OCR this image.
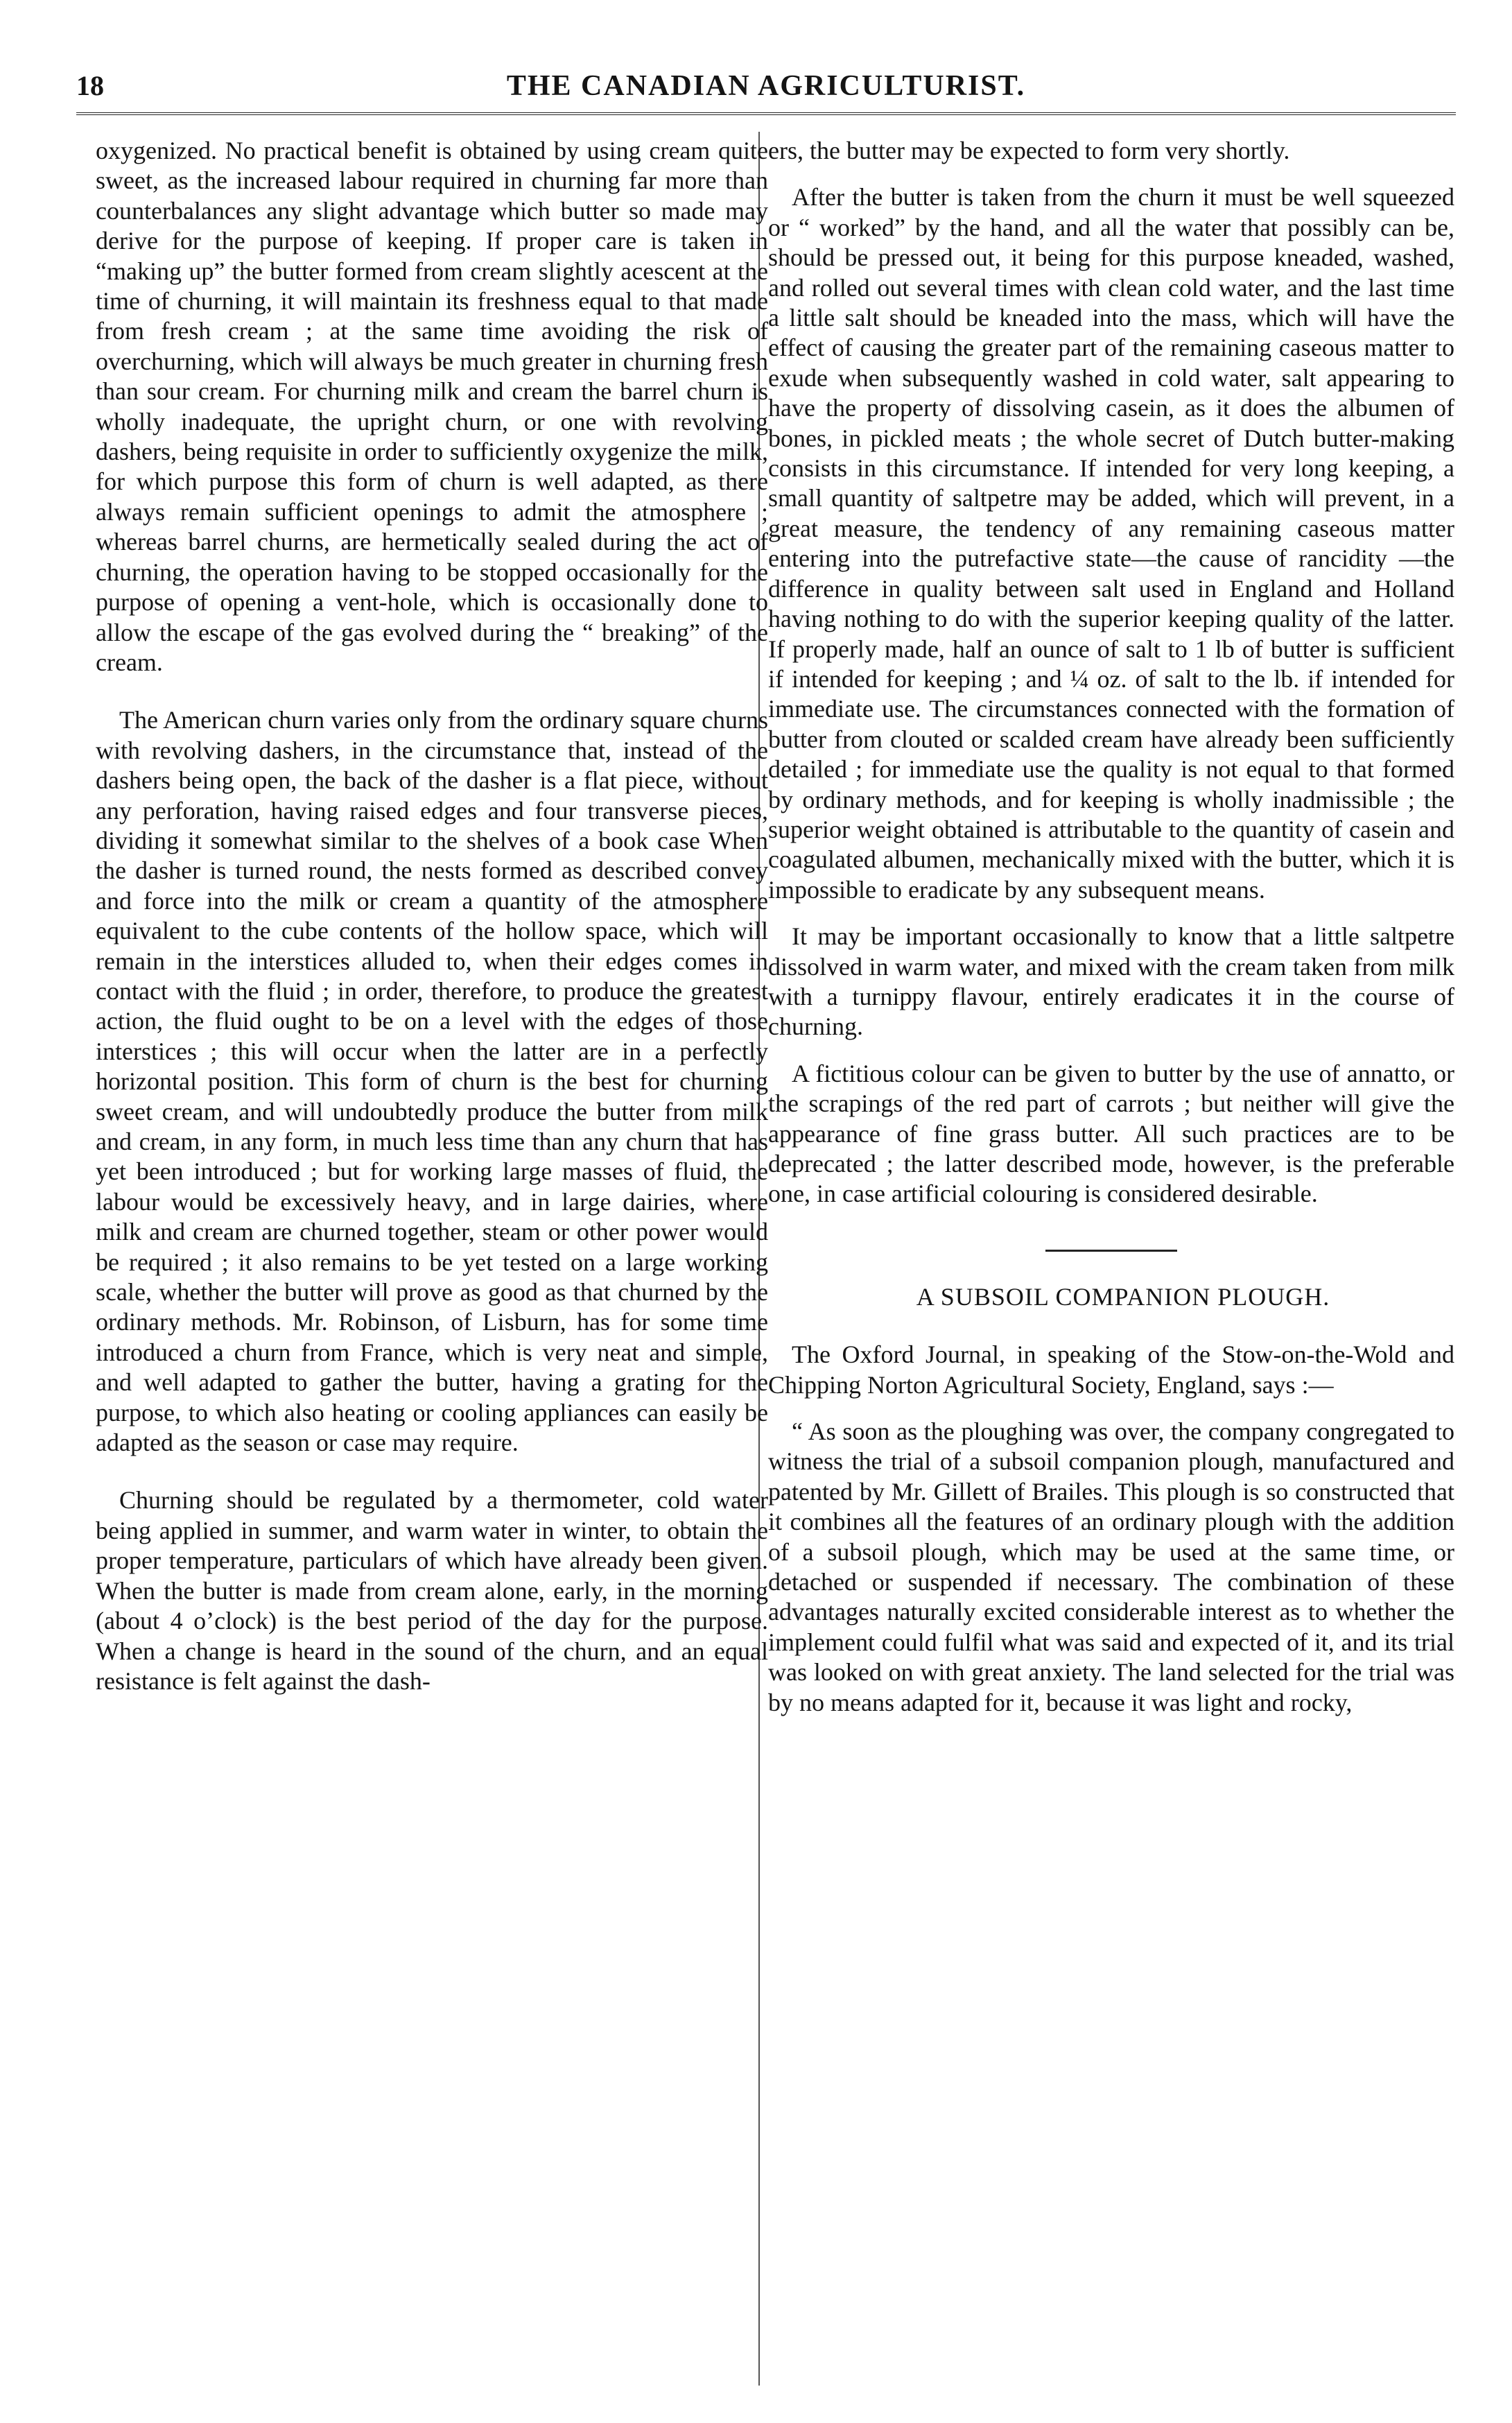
18	THE CANADIAN AGRICULTURIST.

oxygenized. No practical benefit is obtained by using cream quite sweet, as the increased labour required in churning far more than counterbalances any slight advantage which butter so made may derive for the purpose of keeping. If proper care is taken in “making up” the butter formed from cream slightly acescent at the time of churning, it will maintain its freshness equal to that made from fresh cream ; at the same time avoiding the risk of overchurning, which will always be much greater in churning fresh than sour cream. For churning milk and cream the barrel churn is wholly inadequate, the upright churn, or one with revolving dashers, being requisite in order to sufficiently oxygenize the milk, for which purpose this form of churn is well adapted, as there always remain sufficient openings to admit the atmosphere ; whereas barrel churns, are hermetically sealed during the act of churning, the operation having to be stopped occasionally for the purpose of opening a vent-hole, which is occasionally done to allow the escape of the gas evolved during the “ breaking” of the cream.

The American churn varies only from the ordinary square churns with revolving dashers, in the circumstance that, instead of the dashers being open, the back of the dasher is a flat piece, without any perforation, having raised edges and four transverse pieces, dividing it somewhat similar to the shelves of a book case When the dasher is turned round, the nests formed as described convey and force into the milk or cream a quantity of the atmosphere equivalent to the cube contents of the hollow space, which will remain in the interstices alluded to, when their edges comes in contact with the fluid ; in order, therefore, to produce the greatest action, the fluid ought to be on a level with the edges of those interstices ; this will occur when the latter are in a perfectly horizontal position. This form of churn is the best for churning sweet cream, and will undoubtedly produce the butter from milk and cream, in any form, in much less time than any churn that has yet been introduced ; but for working large masses of fluid, the labour would be excessively heavy, and in large dairies, where milk and cream are churned together, steam or other power would be required ; it also remains to be yet tested on a large working scale, whether the butter will prove as good as that churned by the ordinary methods. Mr. Robinson, of Lisburn, has for some time introduced a churn from France, which is very neat and simple, and well adapted to gather the butter, having a grating for the purpose, to which also heating or cooling appliances can easily be adapted as the season or case may require.

Churning should be regulated by a thermometer, cold water being applied in summer, and warm water in winter, to obtain the proper temperature, particulars of which have already been given. When the butter is made from cream alone, early, in the morning (about 4 o’clock) is the best period of the day for the purpose. When a change is heard in the sound of the churn, and an equal resistance is felt against the dash-

ers, the butter may be expected to form very shortly.

After the butter is taken from the churn it must be well squeezed or “ worked” by the hand, and all the water that possibly can be, should be pressed out, it being for this purpose kneaded, washed, and rolled out several times with clean cold water, and the last time a little salt should be kneaded into the mass, which will have the effect of causing the greater part of the remaining caseous matter to exude when subsequently washed in cold water, salt appearing to have the property of dissolving casein, as it does the albumen of bones, in pickled meats ; the whole secret of Dutch butter-making consists in this circumstance. If intended for very long keeping, a small quantity of saltpetre may be added, which will prevent, in a great measure, the tendency of any remaining caseous matter entering into the putrefactive state—the cause of rancidity —the difference in quality between salt used in England and Holland having nothing to do with the superior keeping quality of the latter. If properly made, half an ounce of salt to 1 lb of butter is sufficient if intended for keeping ; and ¼ oz. of salt to the lb. if intended for immediate use. The circumstances connected with the formation of butter from clouted or scalded cream have already been sufficiently detailed ; for immediate use the quality is not equal to that formed by ordinary methods, and for keeping is wholly inadmissible ; the superior weight obtained is attributable to the quantity of casein and coagulated albumen, mechanically mixed with the butter, which it is impossible to eradicate by any subsequent means.

It may be important occasionally to know that a little saltpetre dissolved in warm water, and mixed with the cream taken from milk with a turnippy flavour, entirely eradicates it in the course of churning.

A fictitious colour can be given to butter by the use of annatto, or the scrapings of the red part of carrots ; but neither will give the appearance of fine grass butter. All such practices are to be deprecated ; the latter described mode, however, is the preferable one, in case artificial colouring is considered desirable.

A SUBSOIL COMPANION PLOUGH.

The Oxford Journal, in speaking of the Stow-on-the-Wold and Chipping Norton Agricultural Society, England, says :—

“ As soon as the ploughing was over, the company congregated to witness the trial of a subsoil companion plough, manufactured and patented by Mr. Gillett of Brailes. This plough is so constructed that it combines all the features of an ordinary plough with the addition of a subsoil plough, which may be used at the same time, or detached or suspended if necessary. The combination of these advantages naturally excited considerable interest as to whether the implement could fulfil what was said and expected of it, and its trial was looked on with great anxiety. The land selected for the trial was by no means adapted for it, because it was light and rocky,
